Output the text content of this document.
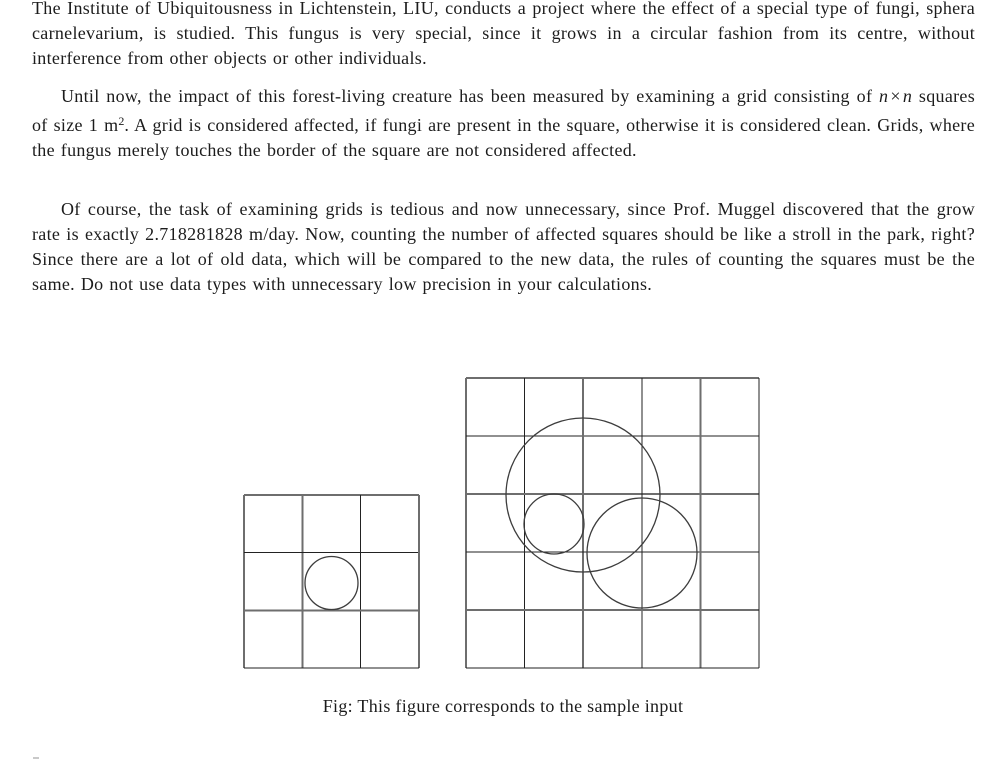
The Institute of Ubiquitousness in Lichtenstein, LIU, conducts a project where the effect of a special type of fungi, sphera carnelevarium, is studied. This fungus is very special, since it grows in a circular fashion from its centre, without interference from other objects or other individuals.

Until now, the impact of this forest-living creature has been measured by examining a grid consisting of n × n squares of size 1 $m^2$. A grid is considered affected, if fungi are present in the square, otherwise it is considered clean. Grids, where the fungus merely touches the border of the square are not considered affected.

Of course, the task of examining grids is tedious and now unnecessary, since Prof. Muggel discovered that the grow rate is exactly 2.718281828 m/day. Now, counting the number of affected squares should be like a stroll in the park, right? Since there are a lot of old data, which will be compared to the new data, the rules of counting the squares must be the same. Do not use data types with unnecessary low precision in your calculations.

Fig: This figure corresponds to the sample input
